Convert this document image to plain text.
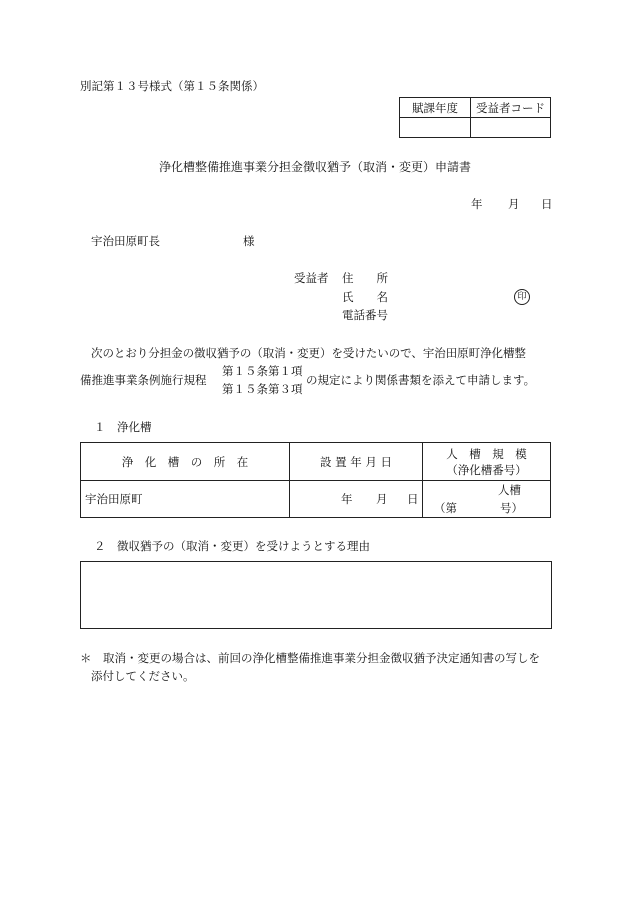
別記第１３号様式（第１５条関係）
賦課年度	受益者コード

浄化槽整備推進事業分担金徴収猶予（取消・変更）申請書
年 月 日
宇治田原町長	様
受益者 住　　所
氏　　名	印
電話番号
次のとおり分担金の徴収猶予の（取消・変更）を受けたいので、宇治田原町浄化槽整
備推進事業条例施行規程
第１５条第１項
第１５条第３項
の規定により関係書類を添えて申請します。
１　浄化槽
浄　化　槽　の　所　在	設 置 年 月 日	人　槽　規　模
（浄化槽番号）

宇治田原町	年 月 日	人槽
（第 号）
２　徴収猶予の（取消・変更）を受けようとする理由
＊ 取消・変更の場合は、前回の浄化槽整備推進事業分担金徴収猶予決定通知書の写しを
添付してください。
